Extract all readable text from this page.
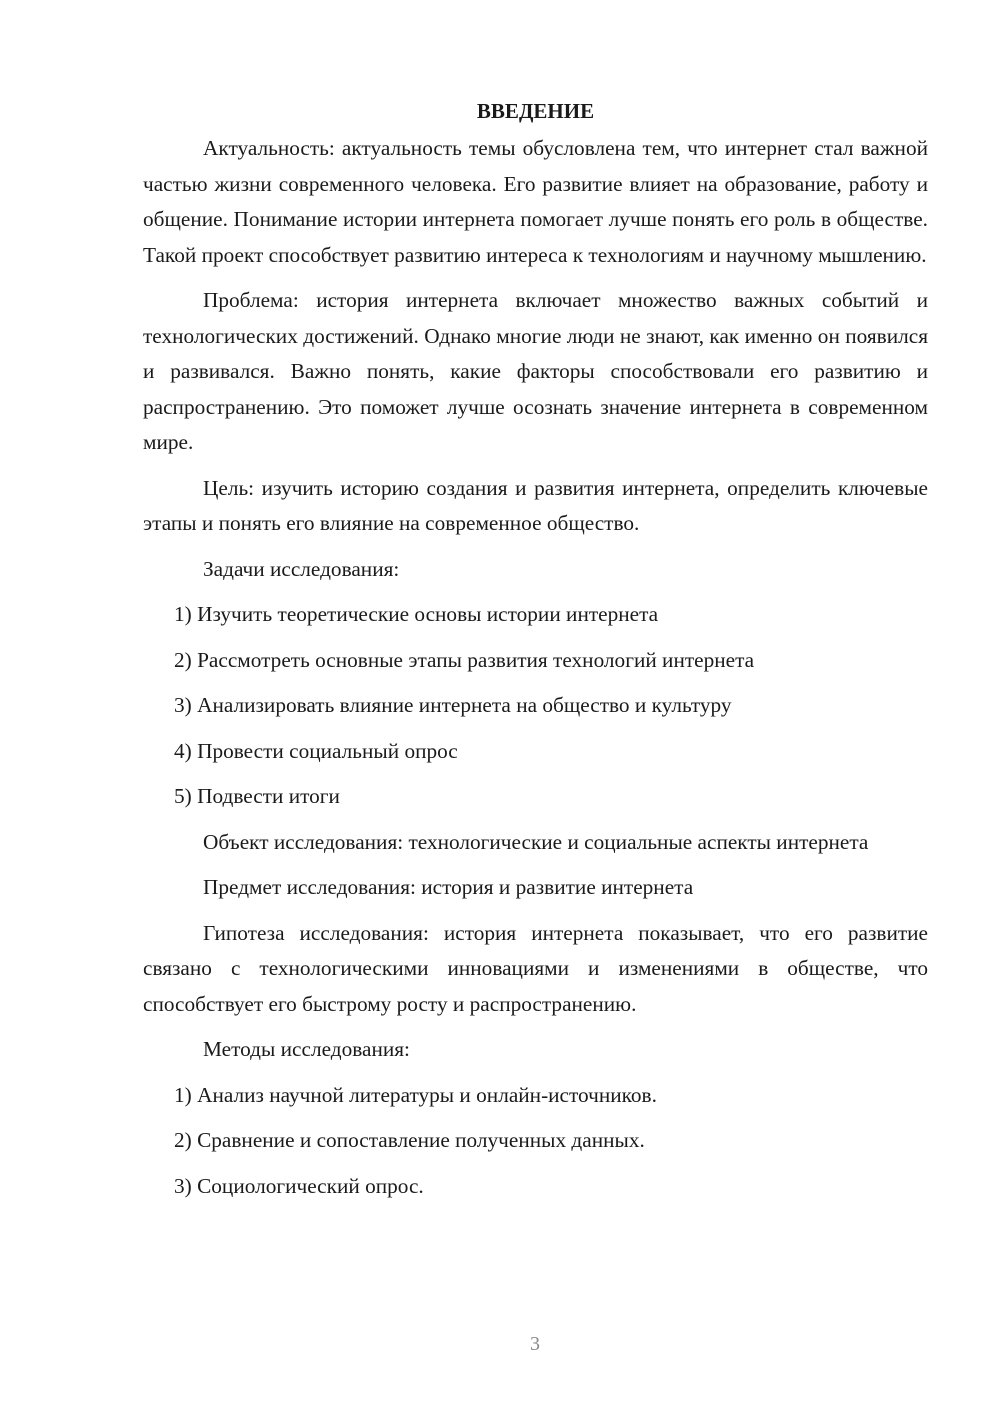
ВВЕДЕНИЕ

Актуальность: актуальность темы обусловлена тем, что интернет стал важной частью жизни современного человека. Его развитие влияет на образование, работу и общение. Понимание истории интернета помогает лучше понять его роль в обществе. Такой проект способствует развитию интереса к технологиям и научному мышлению.

Проблема: история интернета включает множество важных событий и технологических достижений. Однако многие люди не знают, как именно он появился и развивался. Важно понять, какие факторы способствовали его развитию и распространению. Это поможет лучше осознать значение интернета в современном мире.

Цель: изучить историю создания и развития интернета, определить ключевые этапы и понять его влияние на современное общество.

Задачи исследования:

1) Изучить теоретические основы истории интернета

2) Рассмотреть основные этапы развития технологий интернета

3) Анализировать влияние интернета на общество и культуру

4) Провести социальный опрос

5) Подвести итоги

Объект исследования: технологические и социальные аспекты интернета

Предмет исследования: история и развитие интернета

Гипотеза исследования: история интернета показывает, что его развитие связано с технологическими инновациями и изменениями в обществе, что способствует его быстрому росту и распространению.

Методы исследования:

1) Анализ научной литературы и онлайн-источников.

2) Сравнение и сопоставление полученных данных.

3) Социологический опрос.

3
